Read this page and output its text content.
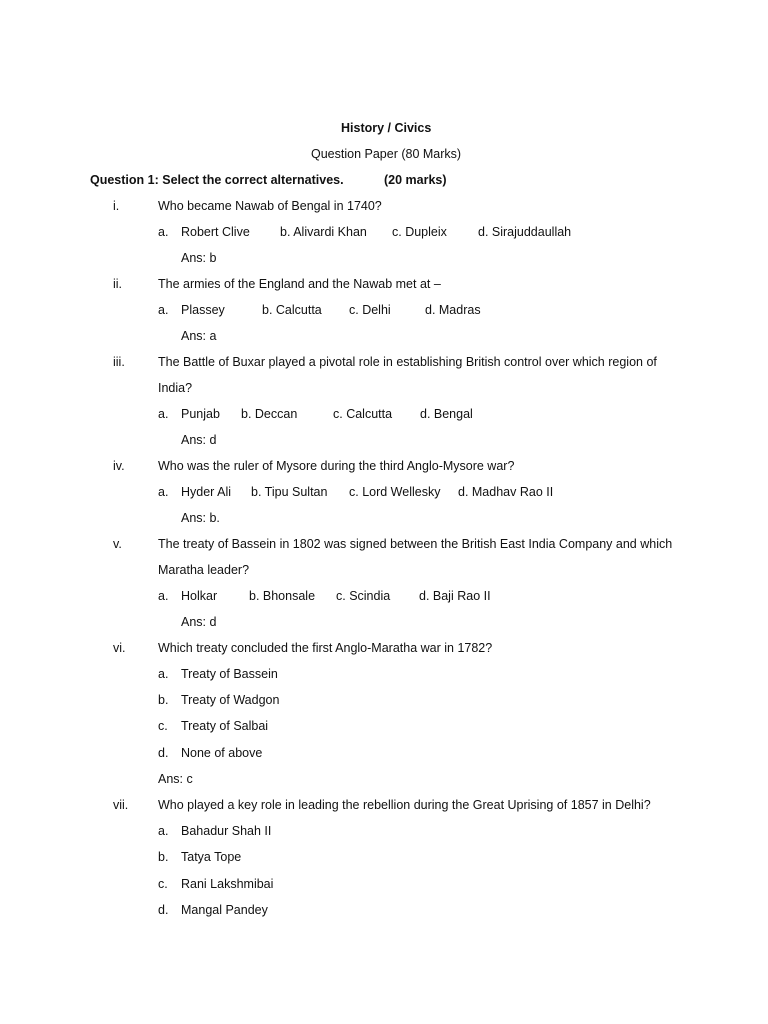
History / Civics
Question Paper (80 Marks)
Question 1: Select the correct alternatives.	(20 marks)
i.	Who became Nawab of Bengal in 1740?
a. Robert Clive b. Alivardi Khan c. Dupleix d. Sirajuddaullah
Ans: b
ii.	The armies of the England and the Nawab met at –
a. Plassey	b. Calcutta c. Delhi	d. Madras
Ans: a
iii.	The Battle of Buxar played a pivotal role in establishing British control over which region of
India?
a. Punjab b. Deccan	c. Calcutta d. Bengal
Ans: d
iv.	Who was the ruler of Mysore during the third Anglo-Mysore war?
a. Hyder Ali b. Tipu Sultan c. Lord Wellesky d. Madhav Rao II
Ans: b.
v.	The treaty of Bassein in 1802 was signed between the British East India Company and which
Maratha leader?
a. Holkar	b. Bhonsale c. Scindia d. Baji Rao II
Ans: d
vi.	Which treaty concluded the first Anglo-Maratha war in 1782?
a. Treaty of Bassein
b. Treaty of Wadgon
c. Treaty of Salbai
d. None of above
Ans: c
vii. Who played a key role in leading the rebellion during the Great Uprising of 1857 in Delhi?
a. Bahadur Shah II
b. Tatya Tope
c. Rani Lakshmibai
d. Mangal Pandey
